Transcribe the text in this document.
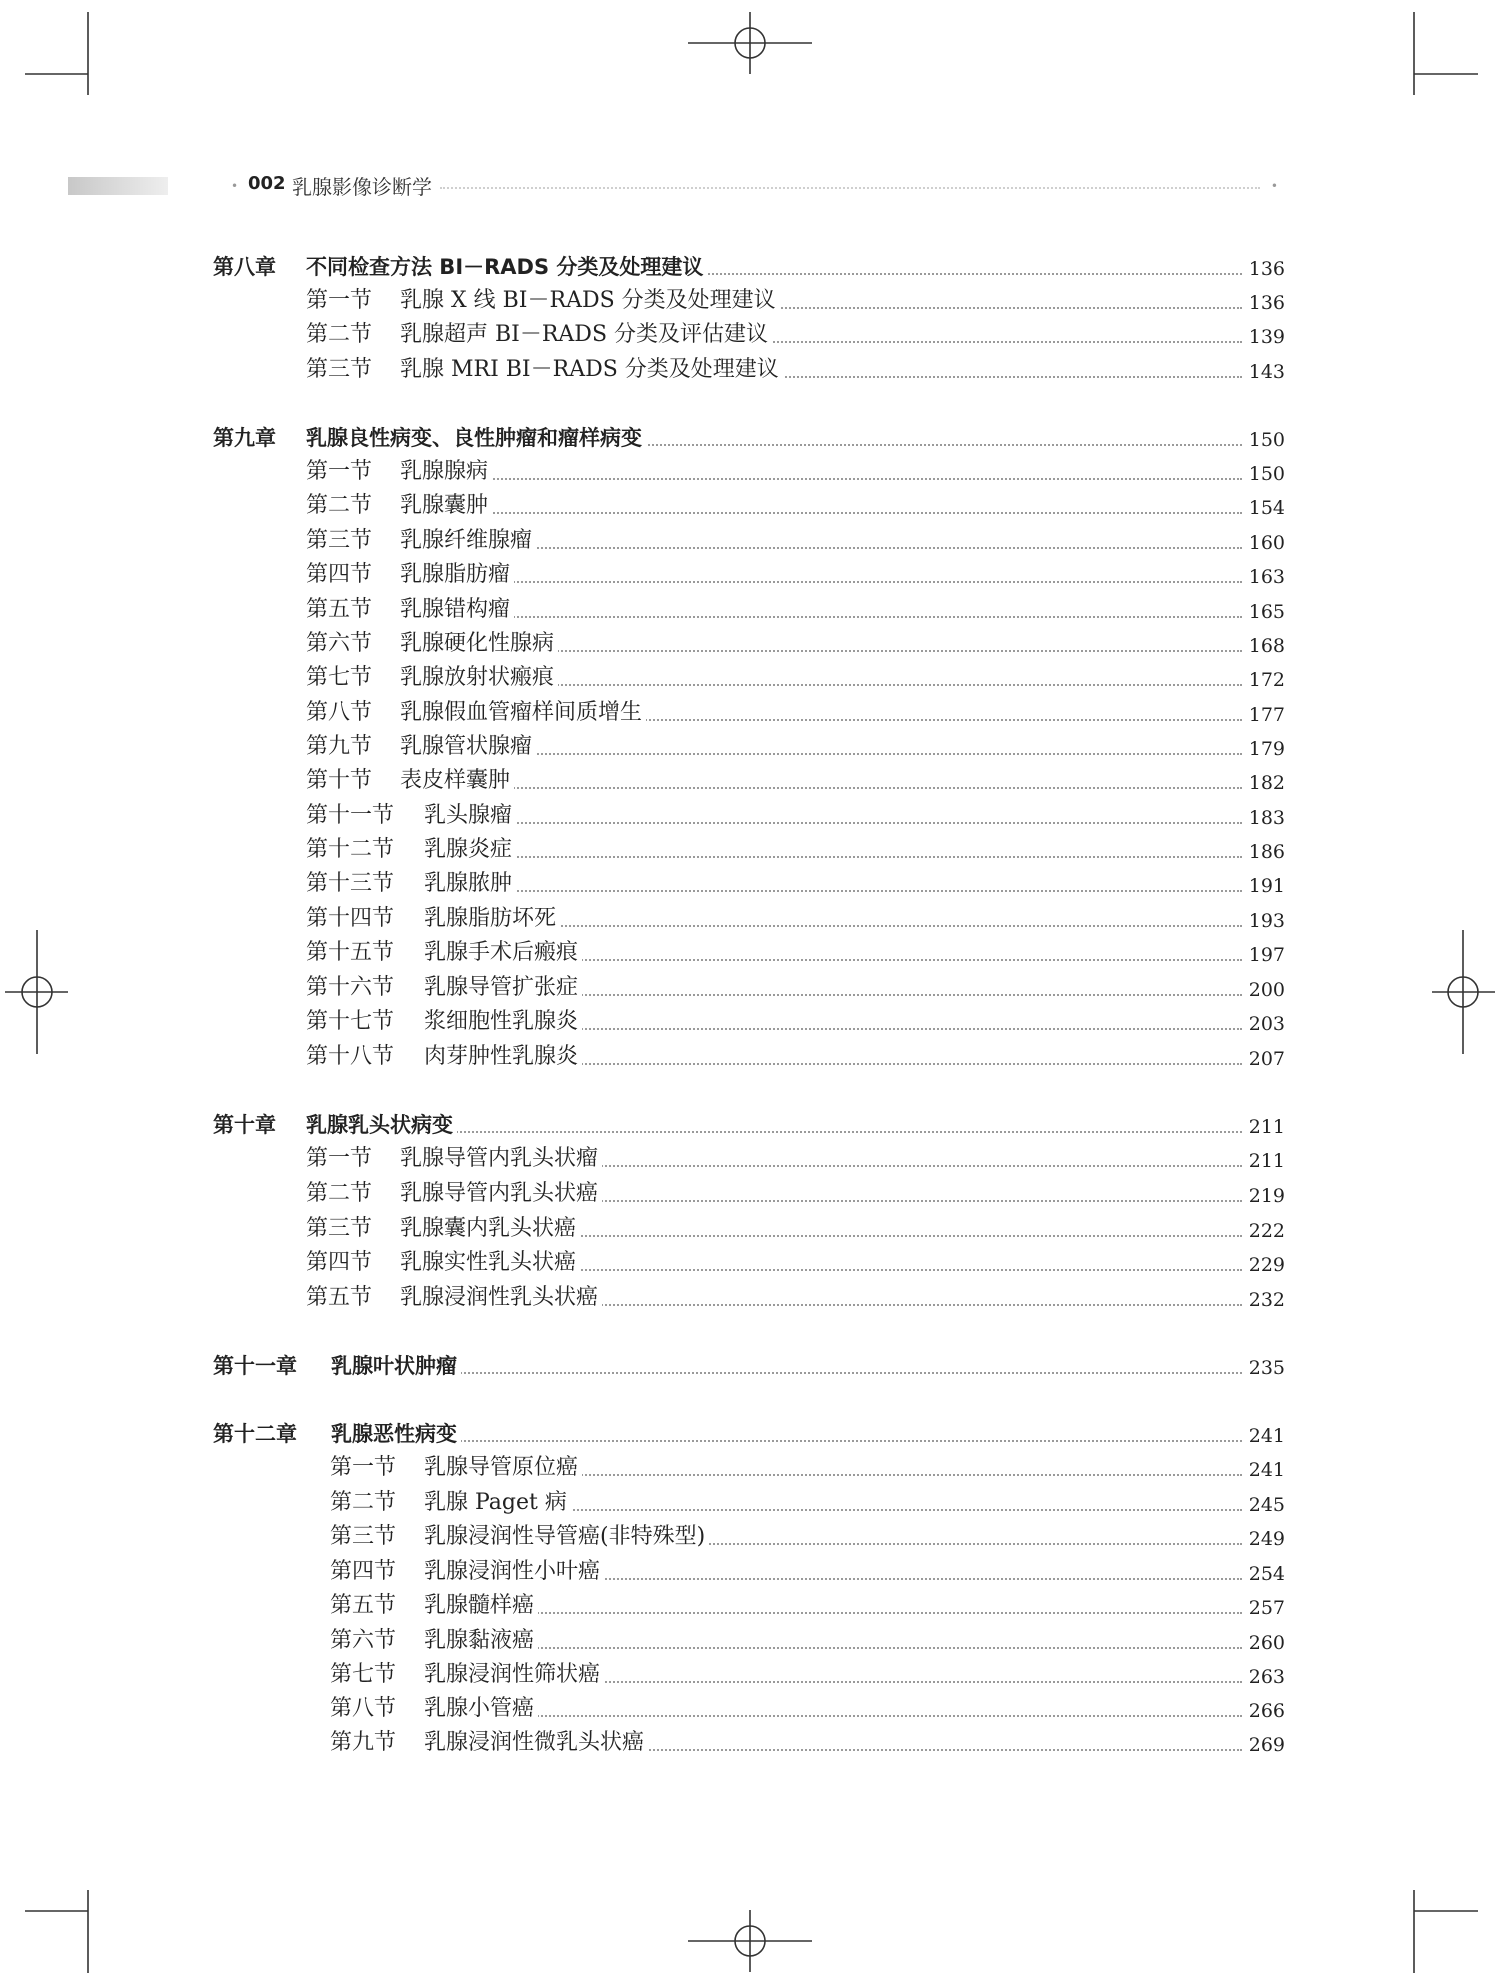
• 002 乳腺影像诊断学	•
第八章 不同检查方法 BI－RADS 分类及处理建议	136
第一节 乳腺 X 线 BI－RADS 分类及处理建议	136
第二节 乳腺超声 BI－RADS 分类及评估建议	139
第三节 乳腺 MRI BI－RADS 分类及处理建议	143
第九章 乳腺良性病变、良性肿瘤和瘤样病变	150
第一节 乳腺腺病	150
第二节 乳腺囊肿	154
第三节 乳腺纤维腺瘤	160
第四节 乳腺脂肪瘤	163
第五节 乳腺错构瘤	165
第六节 乳腺硬化性腺病	168
第七节 乳腺放射状瘢痕	172
第八节 乳腺假血管瘤样间质增生	177
第九节 乳腺管状腺瘤	179
第十节 表皮样囊肿	182
第十一节 乳头腺瘤	183
第十二节 乳腺炎症	186
第十三节 乳腺脓肿	191
第十四节 乳腺脂肪坏死	193
第十五节 乳腺手术后瘢痕	197
第十六节 乳腺导管扩张症	200
第十七节 浆细胞性乳腺炎	203
第十八节 肉芽肿性乳腺炎	207
第十章 乳腺乳头状病变	211
第一节 乳腺导管内乳头状瘤	211
第二节 乳腺导管内乳头状癌	219
第三节 乳腺囊内乳头状癌	222
第四节 乳腺实性乳头状癌	229
第五节 乳腺浸润性乳头状癌	232
第十一章 乳腺叶状肿瘤	235
第十二章 乳腺恶性病变	241
第一节 乳腺导管原位癌	241
第二节 乳腺 Paget 病	245
第三节 乳腺浸润性导管癌(非特殊型)	249
第四节 乳腺浸润性小叶癌	254
第五节 乳腺髓样癌	257
第六节 乳腺黏液癌	260
第七节 乳腺浸润性筛状癌	263
第八节 乳腺小管癌	266
第九节 乳腺浸润性微乳头状癌	269
